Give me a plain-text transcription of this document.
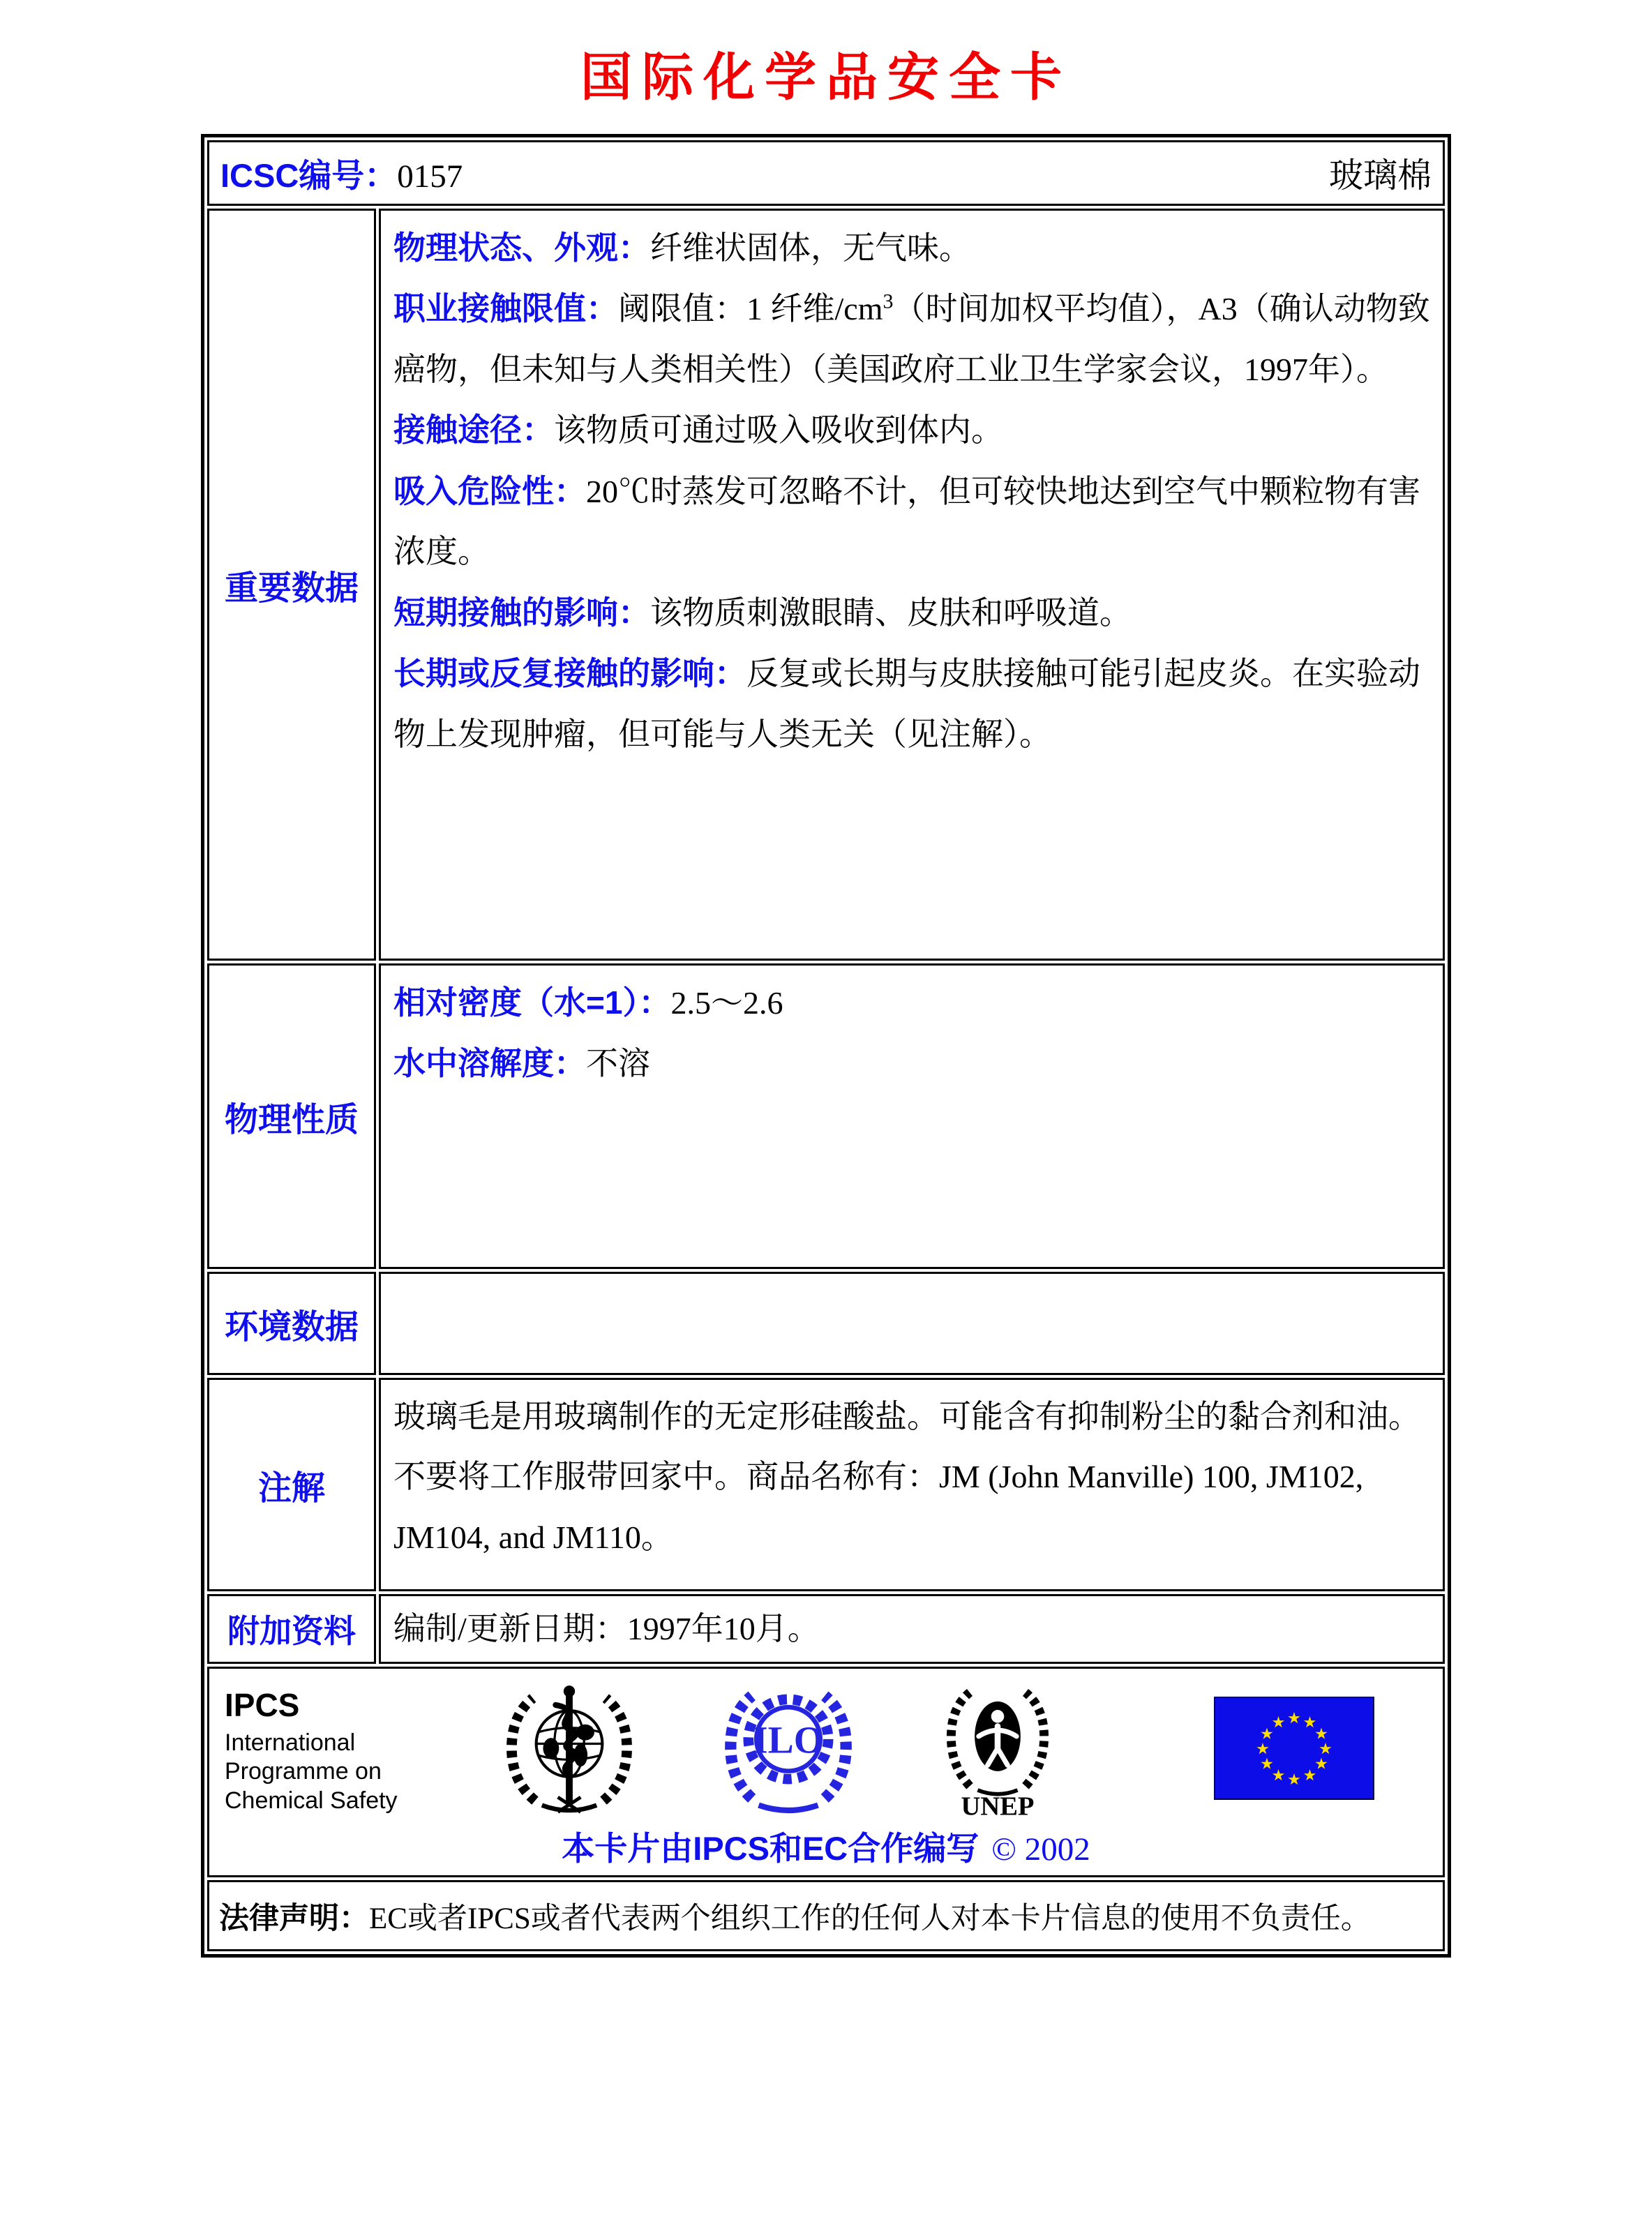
国际化学品安全卡
ICSC编号： 0157	玻璃棉
重要数据

物理状态、外观：纤维状固体，无气味。

职业接触限值：阈限值：1 纤维$/cm^3$（时间加权平均值），A3（确认动物致癌物，但未知与人类相关性）（美国政府工业卫生学家会议，1997年）。

接触途径：该物质可通过吸入吸收到体内。

吸入危险性：20℃时蒸发可忽略不计，但可较快地达到空气中颗粒物有害浓度。

短期接触的影响：该物质刺激眼睛、皮肤和呼吸道。

长期或反复接触的影响：反复或长期与皮肤接触可能引起皮炎。在实验动物上发现肿瘤，但可能与人类无关（见注解）。

物理性质

相对密度（水=1）：2.5～2.6

水中溶解度：不溶

环境数据
注解

玻璃毛是用玻璃制作的无定形硅酸盐。可能含有抑制粉尘的黏合剂和油。不要将工作服带回家中。商品名称有：JM (John Manville) 100, JM102, JM104, and JM110。

附加资料	编制/更新日期：1997年10月。

IPCS
International
Programme on
Chemical Safety
ILO
UNEP
本卡片由IPCS和EC合作编写 © 2002
法律声明： EC或者IPCS或者代表两个组织工作的任何人对本卡片信息的使用不负责任。
